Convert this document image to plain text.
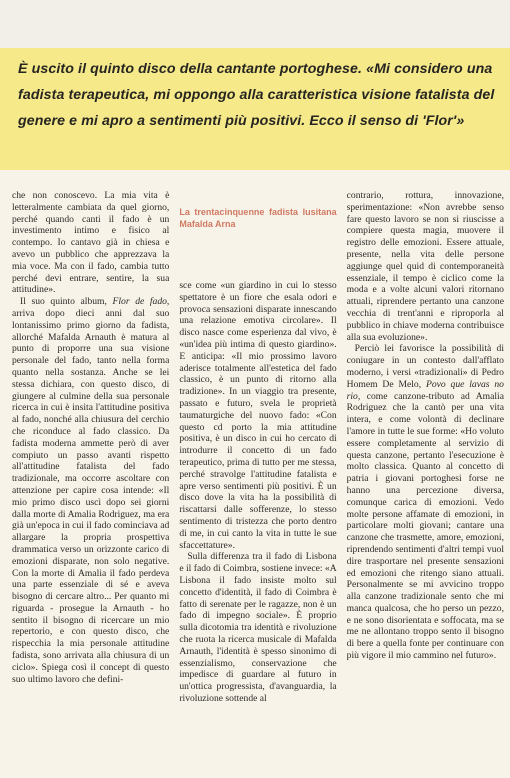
È uscito il quinto disco della cantante portoghese. «Mi considero una fadista terapeutica, mi oppongo alla caratteristica visione fatalista del genere e mi apro a sentimenti più positivi. Ecco il senso di 'Flor'»

che non conoscevo. La mia vita è letteralmente cambiata da quel giorno, perché quando canti il fado è un investimento intimo e fisico al contempo. Io cantavo già in chiesa e avevo un pubblico che apprezzava la mia voce. Ma con il fado, cambia tutto perché devi entrare, sentire, la sua attitudine».

Il suo quinto album, Flor de fado, arriva dopo dieci anni dal suo lontanissimo primo giorno da fadista, allorché Mafalda Arnauth è matura al punto di proporre una sua visione personale del fado, tanto nella forma quanto nella sostanza. Anche se lei stessa dichiara, con questo disco, di giungere al culmine della sua personale ricerca in cui è insita l'attitudine positiva al fado, nonché alla chiusura del cerchio che riconduce al fado classico. Da fadista moderna ammette però di aver compiuto un passo avanti rispetto all'attitudine fatalista del fado tradizionale, ma occorre ascoltare con attenzione per capire cosa intende: «Il mio primo disco uscì dopo sei giorni dalla morte di Amalia Rodriguez, ma era già un'epoca in cui il fado cominciava ad allargare la propria prospettiva drammatica verso un orizzonte carico di emozioni disparate, non solo negative. Con la morte di Amalia il fado perdeva una parte essenziale di sé e aveva bisogno di cercare altro... Per quanto mi riguarda - prosegue la Arnauth - ho sentito il bisogno di ricercare un mio repertorio, e con questo disco, che rispecchia la mia personale attitudine fadista, sono arrivata alla chiusura di un ciclo». Spiega così il concept di questo suo ultimo lavoro che defini-

La trentacinquenne fadista lusitana Mafalda Arna

sce come «un giardino in cui lo stesso spettatore è un fiore che esala odori e provoca sensazioni disparate innescando una relazione emotiva circolare». Il disco nasce come esperienza dal vivo, è «un'idea più intima di questo giardino». E anticipa: «Il mio prossimo lavoro aderisce totalmente all'estetica del fado classico, è un punto di ritorno alla tradizione». In un viaggio tra presente, passato e futuro, svela le proprietà taumaturgiche del nuovo fado: «Con questo cd porto la mia attitudine positiva, è un disco in cui ho cercato di introdurre il concetto di un fado terapeutico, prima di tutto per me stessa, perché stravolge l'attitudine fatalista e apre verso sentimenti più positivi. È un disco dove la vita ha la possibilità di riscattarsi dalle sofferenze, lo stesso sentimento di tristezza che porto dentro di me, in cui canto la vita in tutte le sue sfaccettature».

Sulla differenza tra il fado di Lisbona e il fado di Coimbra, sostiene invece: «A Lisbona il fado insiste molto sul concetto d'identità, il fado di Coimbra è fatto di serenate per le ragazze, non è un fado di impegno sociale». È proprio sulla dicotomia tra identità e rivoluzione che ruota la ricerca musicale di Mafalda Arnauth, l'identità è spesso sinonimo di essenzialismo, conservazione che impedisce di guardare al futuro in un'ottica progressista, d'avanguardia, la rivoluzione sottende al

contrario, rottura, innovazione, sperimentazione: «Non avrebbe senso fare questo lavoro se non si riuscisse a compiere questa magia, muovere il registro delle emozioni. Essere attuale, presente, nella vita delle persone aggiunge quel quid di contemporaneità essenziale, il tempo è ciclico come la moda e a volte alcuni valori ritornano attuali, riprendere pertanto una canzone vecchia di trent'anni e riproporla al pubblico in chiave moderna contribuisce alla sua evoluzione».

Perciò lei favorisce la possibilità di coniugare in un contesto dall'afflato moderno, i versi «tradizionali» di Pedro Homem De Melo, Povo que lavas no rio, come canzone-tributo ad Amalia Rodriguez che la cantò per una vita intera, e come volontà di declinare l'amore in tutte le sue forme: «Ho voluto essere completamente al servizio di questa canzone, pertanto l'esecuzione è molto classica. Quanto al concetto di patria i giovani portoghesi forse ne hanno una percezione diversa, comunque carica di emozioni. Vedo molte persone affamate di emozioni, in particolare molti giovani; cantare una canzone che trasmette, amore, emozioni, riprendendo sentimenti d'altri tempi vuol dire trasportare nel presente sensazioni ed emozioni che ritengo siano attuali. Personalmente se mi avvicino troppo alla canzone tradizionale sento che mi manca qualcosa, che ho perso un pezzo, e ne sono disorientata e soffocata, ma se me ne allontano troppo sento il bisogno di bere a quella fonte per continuare con più vigore il mio cammino nel futuro».
